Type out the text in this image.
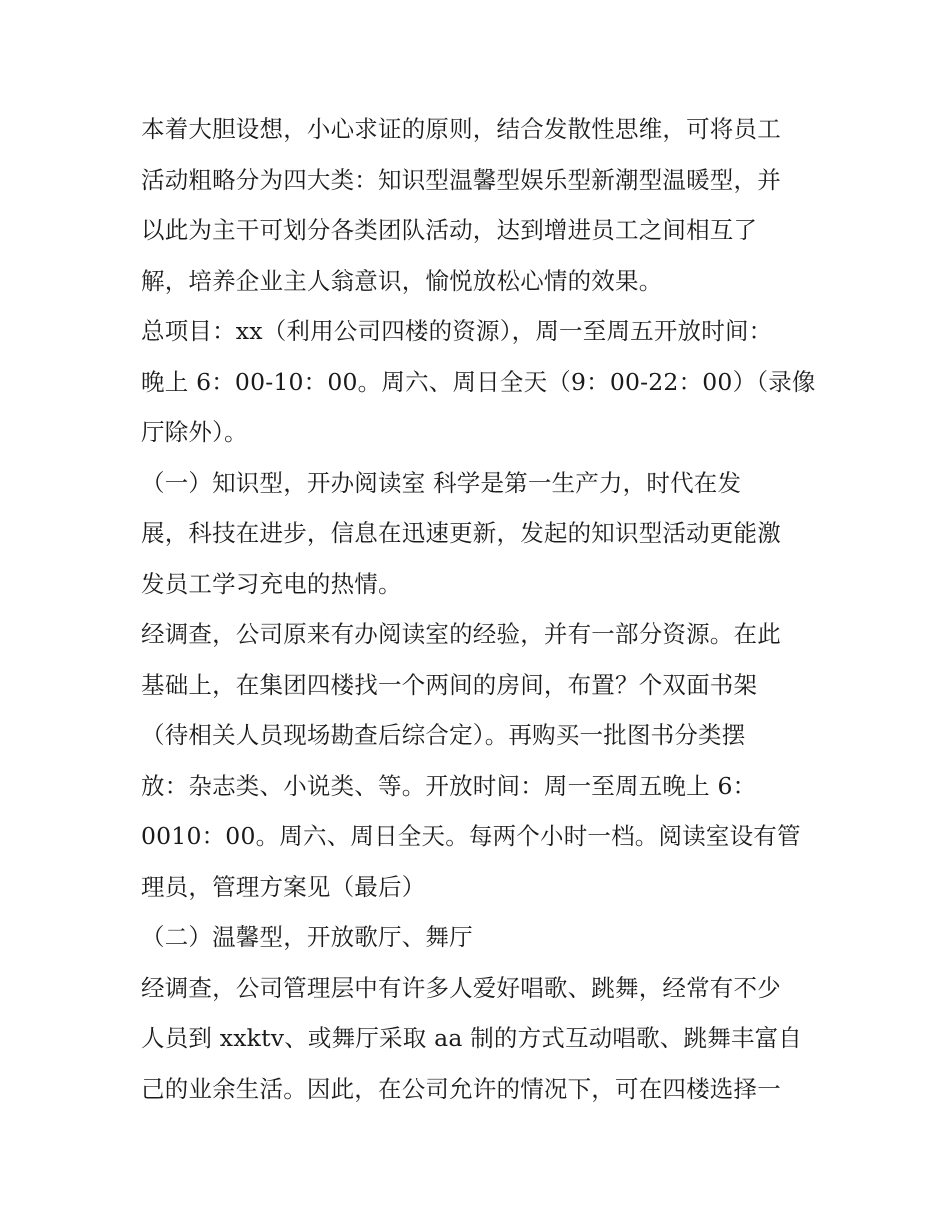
本着大胆设想，小心求证的原则，结合发散性思维，可将员工
活动粗略分为四大类：知识型温馨型娱乐型新潮型温暖型，并
以此为主干可划分各类团队活动，达到增进员工之间相互了
解，培养企业主人翁意识，愉悦放松心情的效果。
总项目：xx（利用公司四楼的资源），周一至周五开放时间：
晚上 6：00-10：00。周六、周日全天（9：00-22：00）（录像
厅除外）。
（一）知识型，开办阅读室 科学是第一生产力，时代在发
展，科技在进步，信息在迅速更新，发起的知识型活动更能激
发员工学习充电的热情。
经调查，公司原来有办阅读室的经验，并有一部分资源。在此
基础上，在集团四楼找一个两间的房间，布置？个双面书架
（待相关人员现场勘查后综合定）。再购买一批图书分类摆
放：杂志类、小说类、等。开放时间：周一至周五晚上 6：
0010：00。周六、周日全天。每两个小时一档。阅读室设有管
理员，管理方案见（最后）
（二）温馨型，开放歌厅、舞厅
经调查，公司管理层中有许多人爱好唱歌、跳舞，经常有不少
人员到 xxktv、或舞厅采取 aa 制的方式互动唱歌、跳舞丰富自
己的业余生活。因此，在公司允许的情况下，可在四楼选择一
